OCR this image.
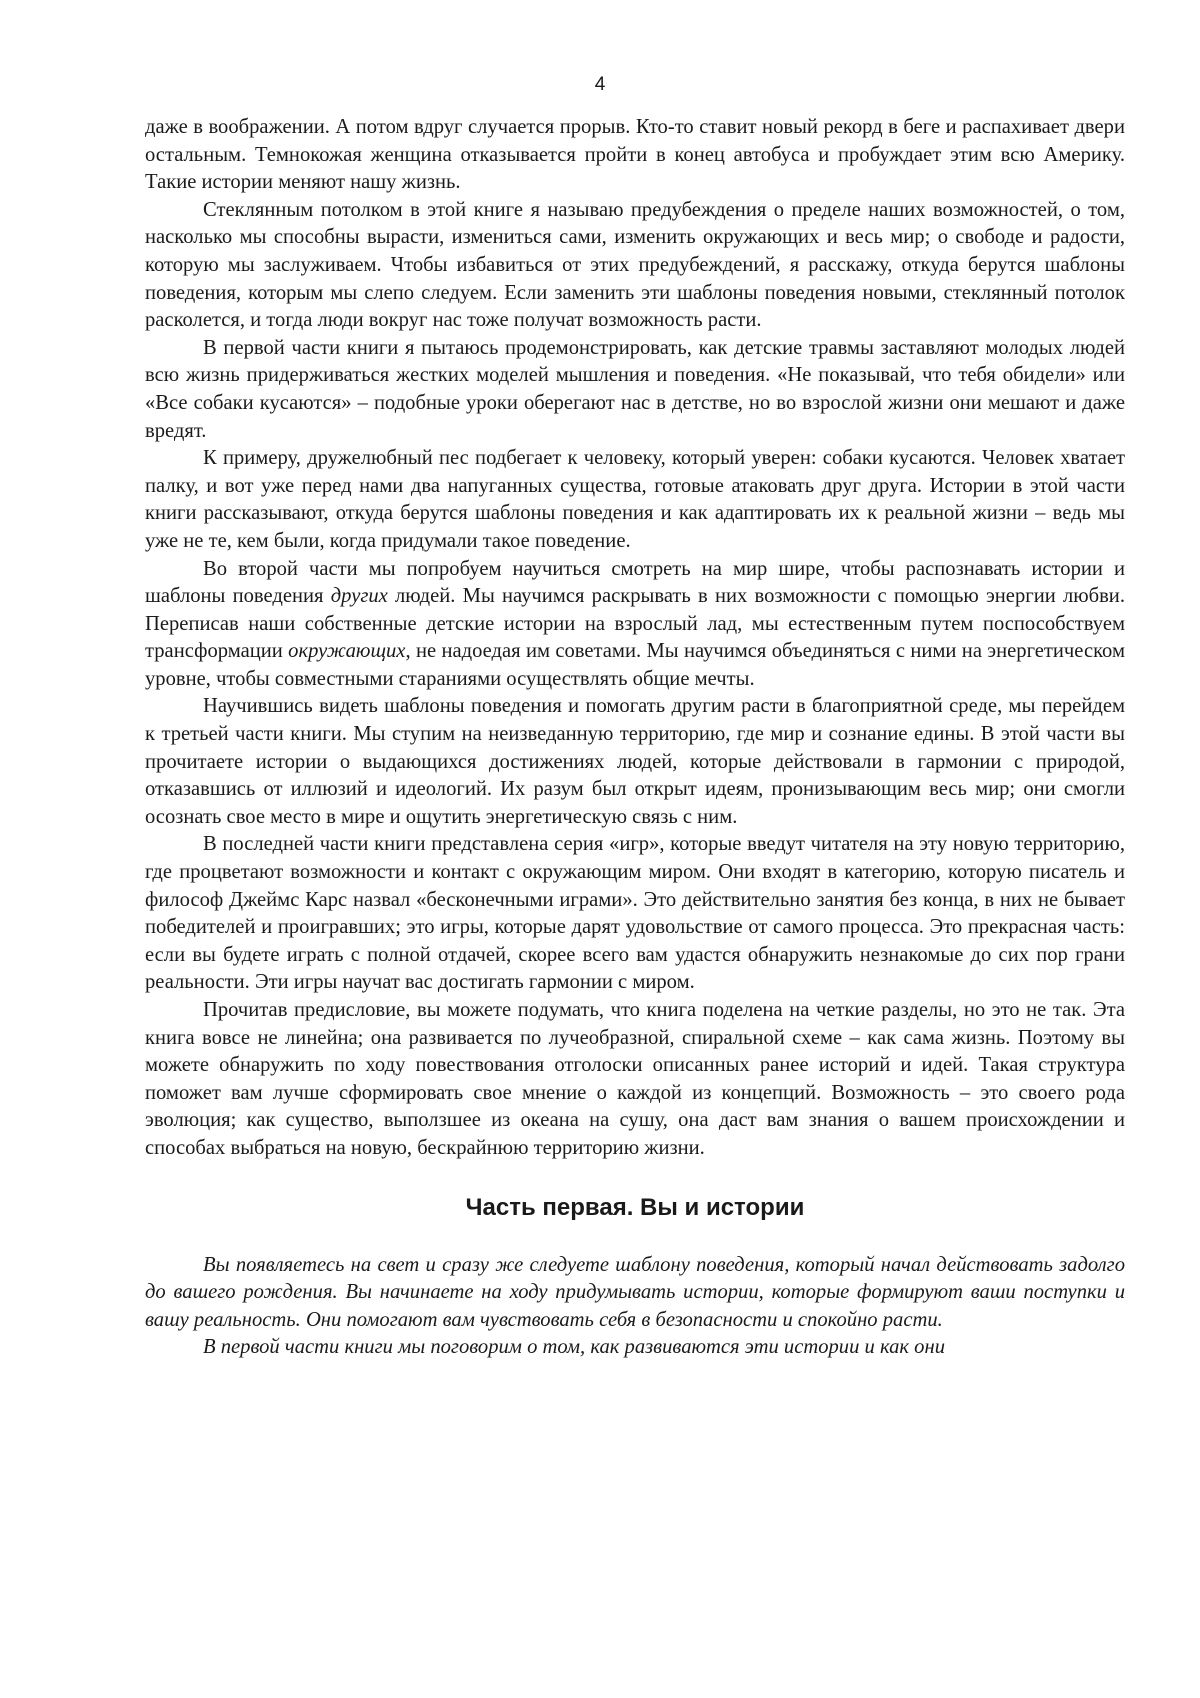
4

даже в воображении. А потом вдруг случается прорыв. Кто-то ставит новый рекорд в беге и распахивает двери остальным. Темнокожая женщина отказывается пройти в конец автобуса и пробуждает этим всю Америку. Такие истории меняют нашу жизнь.

Стеклянным потолком в этой книге я называю предубеждения о пределе наших возможностей, о том, насколько мы способны вырасти, измениться сами, изменить окружающих и весь мир; о свободе и радости, которую мы заслуживаем. Чтобы избавиться от этих предубеждений, я расскажу, откуда берутся шаблоны поведения, которым мы слепо следуем. Если заменить эти шаблоны поведения новыми, стеклянный потолок расколется, и тогда люди вокруг нас тоже получат возможность расти.

В первой части книги я пытаюсь продемонстрировать, как детские травмы заставляют молодых людей всю жизнь придерживаться жестких моделей мышления и поведения. «Не показывай, что тебя обидели» или «Все собаки кусаются» – подобные уроки оберегают нас в детстве, но во взрослой жизни они мешают и даже вредят.

К примеру, дружелюбный пес подбегает к человеку, который уверен: собаки кусаются. Человек хватает палку, и вот уже перед нами два напуганных существа, готовые атаковать друг друга. Истории в этой части книги рассказывают, откуда берутся шаблоны поведения и как адаптировать их к реальной жизни – ведь мы уже не те, кем были, когда придумали такое поведение.

Во второй части мы попробуем научиться смотреть на мир шире, чтобы распознавать истории и шаблоны поведения других людей. Мы научимся раскрывать в них возможности с помощью энергии любви. Переписав наши собственные детские истории на взрослый лад, мы естественным путем поспособствуем трансформации окружающих, не надоедая им советами. Мы научимся объединяться с ними на энергетическом уровне, чтобы совместными стараниями осуществлять общие мечты.

Научившись видеть шаблоны поведения и помогать другим расти в благоприятной среде, мы перейдем к третьей части книги. Мы ступим на неизведанную территорию, где мир и сознание едины. В этой части вы прочитаете истории о выдающихся достижениях людей, которые действовали в гармонии с природой, отказавшись от иллюзий и идеологий. Их разум был открыт идеям, пронизывающим весь мир; они смогли осознать свое место в мире и ощутить энергетическую связь с ним.

В последней части книги представлена серия «игр», которые введут читателя на эту новую территорию, где процветают возможности и контакт с окружающим миром. Они входят в категорию, которую писатель и философ Джеймс Карс назвал «бесконечными играми». Это действительно занятия без конца, в них не бывает победителей и проигравших; это игры, которые дарят удовольствие от самого процесса. Это прекрасная часть: если вы будете играть с полной отдачей, скорее всего вам удастся обнаружить незнакомые до сих пор грани реальности. Эти игры научат вас достигать гармонии с миром.

Прочитав предисловие, вы можете подумать, что книга поделена на четкие разделы, но это не так. Эта книга вовсе не линейна; она развивается по лучеобразной, спиральной схеме – как сама жизнь. Поэтому вы можете обнаружить по ходу повествования отголоски описанных ранее историй и идей. Такая структура поможет вам лучше сформировать свое мнение о каждой из концепций. Возможность – это своего рода эволюция; как существо, выползшее из океана на сушу, она даст вам знания о вашем происхождении и способах выбраться на новую, бескрайнюю территорию жизни.

Часть первая. Вы и истории

Вы появляетесь на свет и сразу же следуете шаблону поведения, который начал действовать задолго до вашего рождения. Вы начинаете на ходу придумывать истории, которые формируют ваши поступки и вашу реальность. Они помогают вам чувствовать себя в безопасности и спокойно расти.

В первой части книги мы поговорим о том, как развиваются эти истории и как они
